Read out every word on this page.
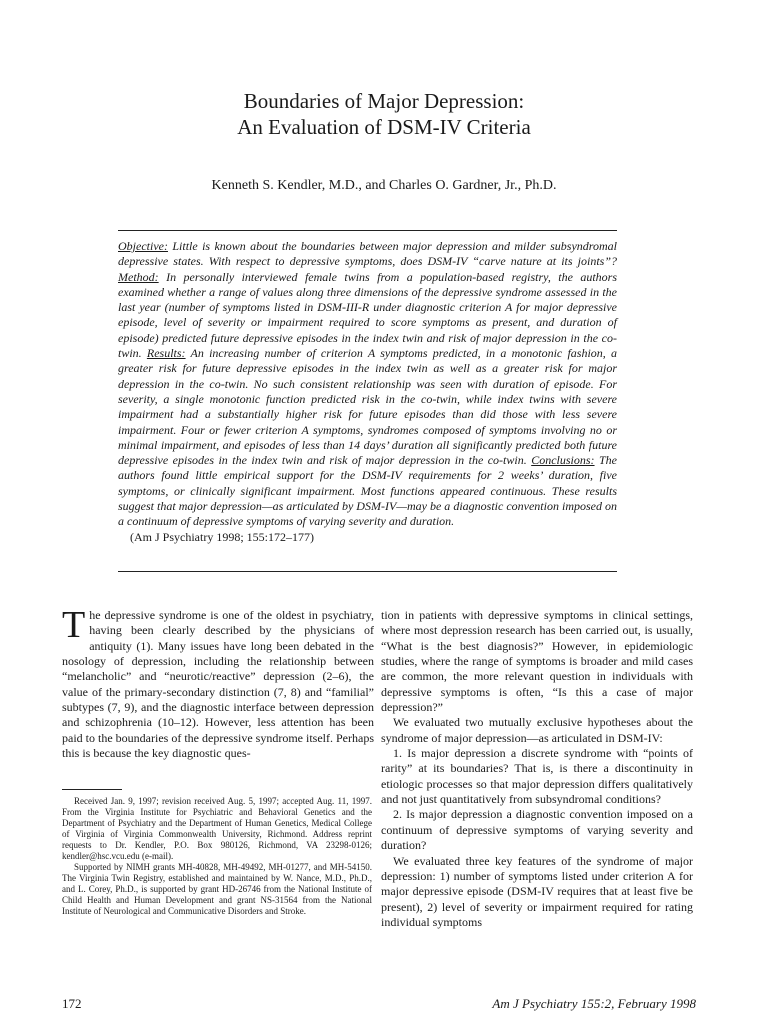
Boundaries of Major Depression:
An Evaluation of DSM-IV Criteria
Kenneth S. Kendler, M.D., and Charles O. Gardner, Jr., Ph.D.

Objective: Little is known about the boundaries between major depression and milder subsyndromal depressive states. With respect to depressive symptoms, does DSM-IV “carve nature at its joints”? Method: In personally interviewed female twins from a population-based registry, the authors examined whether a range of values along three dimensions of the depressive syndrome assessed in the last year (number of symptoms listed in DSM-III-R under diagnostic criterion A for major depressive episode, level of severity or impairment required to score symptoms as present, and duration of episode) predicted future depressive episodes in the index twin and risk of major depression in the co-twin. Results: An increasing number of criterion A symptoms predicted, in a monotonic fashion, a greater risk for future depressive episodes in the index twin as well as a greater risk for major depression in the co-twin. No such consistent relationship was seen with duration of episode. For severity, a single monotonic function predicted risk in the co-twin, while index twins with severe impairment had a substantially higher risk for future episodes than did those with less severe impairment. Four or fewer criterion A symptoms, syndromes composed of symptoms involving no or minimal impairment, and episodes of less than 14 days’ duration all significantly predicted both future depressive episodes in the index twin and risk of major depression in the co-twin. Conclusions: The authors found little empirical support for the DSM-IV requirements for 2 weeks’ duration, five symptoms, or clinically significant impairment. Most functions appeared continuous. These results suggest that major depression—as articulated by DSM-IV—may be a diagnostic convention imposed on a continuum of depressive symptoms of varying severity and duration.
(Am J Psychiatry 1998; 155:172–177)

The depressive syndrome is one of the oldest in psychiatry, having been clearly described by the physicians of antiquity (1). Many issues have long been debated in the nosology of depression, including the relationship between “melancholic” and “neurotic/reactive” depression (2–6), the value of the primary-secondary distinction (7, 8) and “familial” subtypes (7, 9), and the diagnostic interface between depression and schizophrenia (10–12). However, less attention has been paid to the boundaries of the depressive syndrome itself. Perhaps this is because the key diagnostic ques-

Received Jan. 9, 1997; revision received Aug. 5, 1997; accepted Aug. 11, 1997. From the Virginia Institute for Psychiatric and Behavioral Genetics and the Department of Psychiatry and the Department of Human Genetics, Medical College of Virginia of Virginia Commonwealth University, Richmond. Address reprint requests to Dr. Kendler, P.O. Box 980126, Richmond, VA 23298-0126; kendler@hsc.vcu.edu (e-mail).

Supported by NIMH grants MH-40828, MH-49492, MH-01277, and MH-54150. The Virginia Twin Registry, established and maintained by W. Nance, M.D., Ph.D., and L. Corey, Ph.D., is supported by grant HD-26746 from the National Institute of Child Health and Human Development and grant NS-31564 from the National Institute of Neurological and Communicative Disorders and Stroke.

tion in patients with depressive symptoms in clinical settings, where most depression research has been carried out, is usually, “What is the best diagnosis?” However, in epidemiologic studies, where the range of symptoms is broader and mild cases are common, the more relevant question in individuals with depressive symptoms is often, “Is this a case of major depression?”

We evaluated two mutually exclusive hypotheses about the syndrome of major depression—as articulated in DSM-IV:

1. Is major depression a discrete syndrome with “points of rarity” at its boundaries? That is, is there a discontinuity in etiologic processes so that major depression differs qualitatively and not just quantitatively from subsyndromal conditions?

2. Is major depression a diagnostic convention imposed on a continuum of depressive symptoms of varying severity and duration?

We evaluated three key features of the syndrome of major depression: 1) number of symptoms listed under criterion A for major depressive episode (DSM-IV requires that at least five be present), 2) level of severity or impairment required for rating individual symptoms

172	Am J Psychiatry 155:2, February 1998
